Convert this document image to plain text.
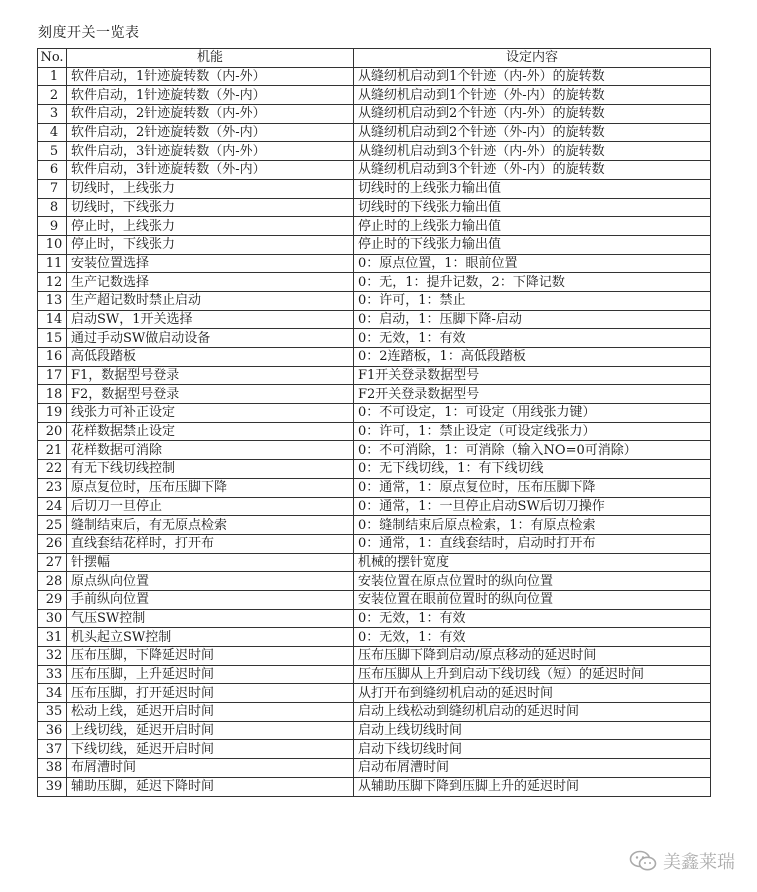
刻度开关一览表
No.	机能	设定内容
1	软件启动，1针迹旋转数（内-外）	从缝纫机启动到1个针迹（内-外）的旋转数
2	软件启动，1针迹旋转数（外-内）	从缝纫机启动到1个针迹（外-内）的旋转数
3	软件启动，2针迹旋转数（内-外）	从缝纫机启动到2个针迹（内-外）的旋转数
4	软件启动，2针迹旋转数（外-内）	从缝纫机启动到2个针迹（外-内）的旋转数
5	软件启动，3针迹旋转数（内-外）	从缝纫机启动到3个针迹（内-外）的旋转数
6	软件启动，3针迹旋转数（外-内）	从缝纫机启动到3个针迹（外-内）的旋转数
7	切线时，上线张力	切线时的上线张力输出值
8	切线时，下线张力	切线时的下线张力输出值
9	停止时，上线张力	停止时的上线张力输出值
10	停止时，下线张力	停止时的下线张力输出值
11	安装位置选择	0：原点位置，1：眼前位置
12	生产记数选择	0：无，1：提升记数，2：下降记数
13	生产超记数时禁止启动	0：许可，1：禁止
14	启动SW，1开关选择	0：启动，1：压脚下降-启动
15	通过手动SW做启动设备	0：无效，1：有效
16	高低段踏板	0：2连踏板，1：高低段踏板
17	F1，数据型号登录	F1开关登录数据型号
18	F2，数据型号登录	F2开关登录数据型号
19	线张力可补正设定	0：不可设定，1：可设定（用线张力键）
20	花样数据禁止设定	0：许可，1：禁止设定（可设定线张力）
21	花样数据可消除	0：不可消除，1：可消除（输入NO=0可消除）
22	有无下线切线控制	0：无下线切线，1：有下线切线
23	原点复位时，压布压脚下降	0：通常，1：原点复位时，压布压脚下降
24	后切刀一旦停止	0：通常，1：一旦停止启动SW后切刀操作
25	缝制结束后，有无原点检索	0：缝制结束后原点检索，1：有原点检索
26	直线套结花样时，打开布	0：通常，1：直线套结时，启动时打开布
27	针摆幅	机械的摆针宽度
28	原点纵向位置	安装位置在原点位置时的纵向位置
29	手前纵向位置	安装位置在眼前位置时的纵向位置
30	气压SW控制	0：无效，1：有效
31	机头起立SW控制	0：无效，1：有效
32	压布压脚，下降延迟时间	压布压脚下降到启动/原点移动的延迟时间
33	压布压脚，上升延迟时间	压布压脚从上升到启动下线切线（短）的延迟时间
34	压布压脚，打开延迟时间	从打开布到缝纫机启动的延迟时间
35	松动上线，延迟开启时间	启动上线松动到缝纫机启动的延迟时间
36	上线切线，延迟开启时间	启动上线切线时间
37	下线切线，延迟开启时间	启动下线切线时间
38	布屑漕时间	启动布屑漕时间
39	辅助压脚，延迟下降时间	从辅助压脚下降到压脚上升的延迟时间
美鑫莱瑞
